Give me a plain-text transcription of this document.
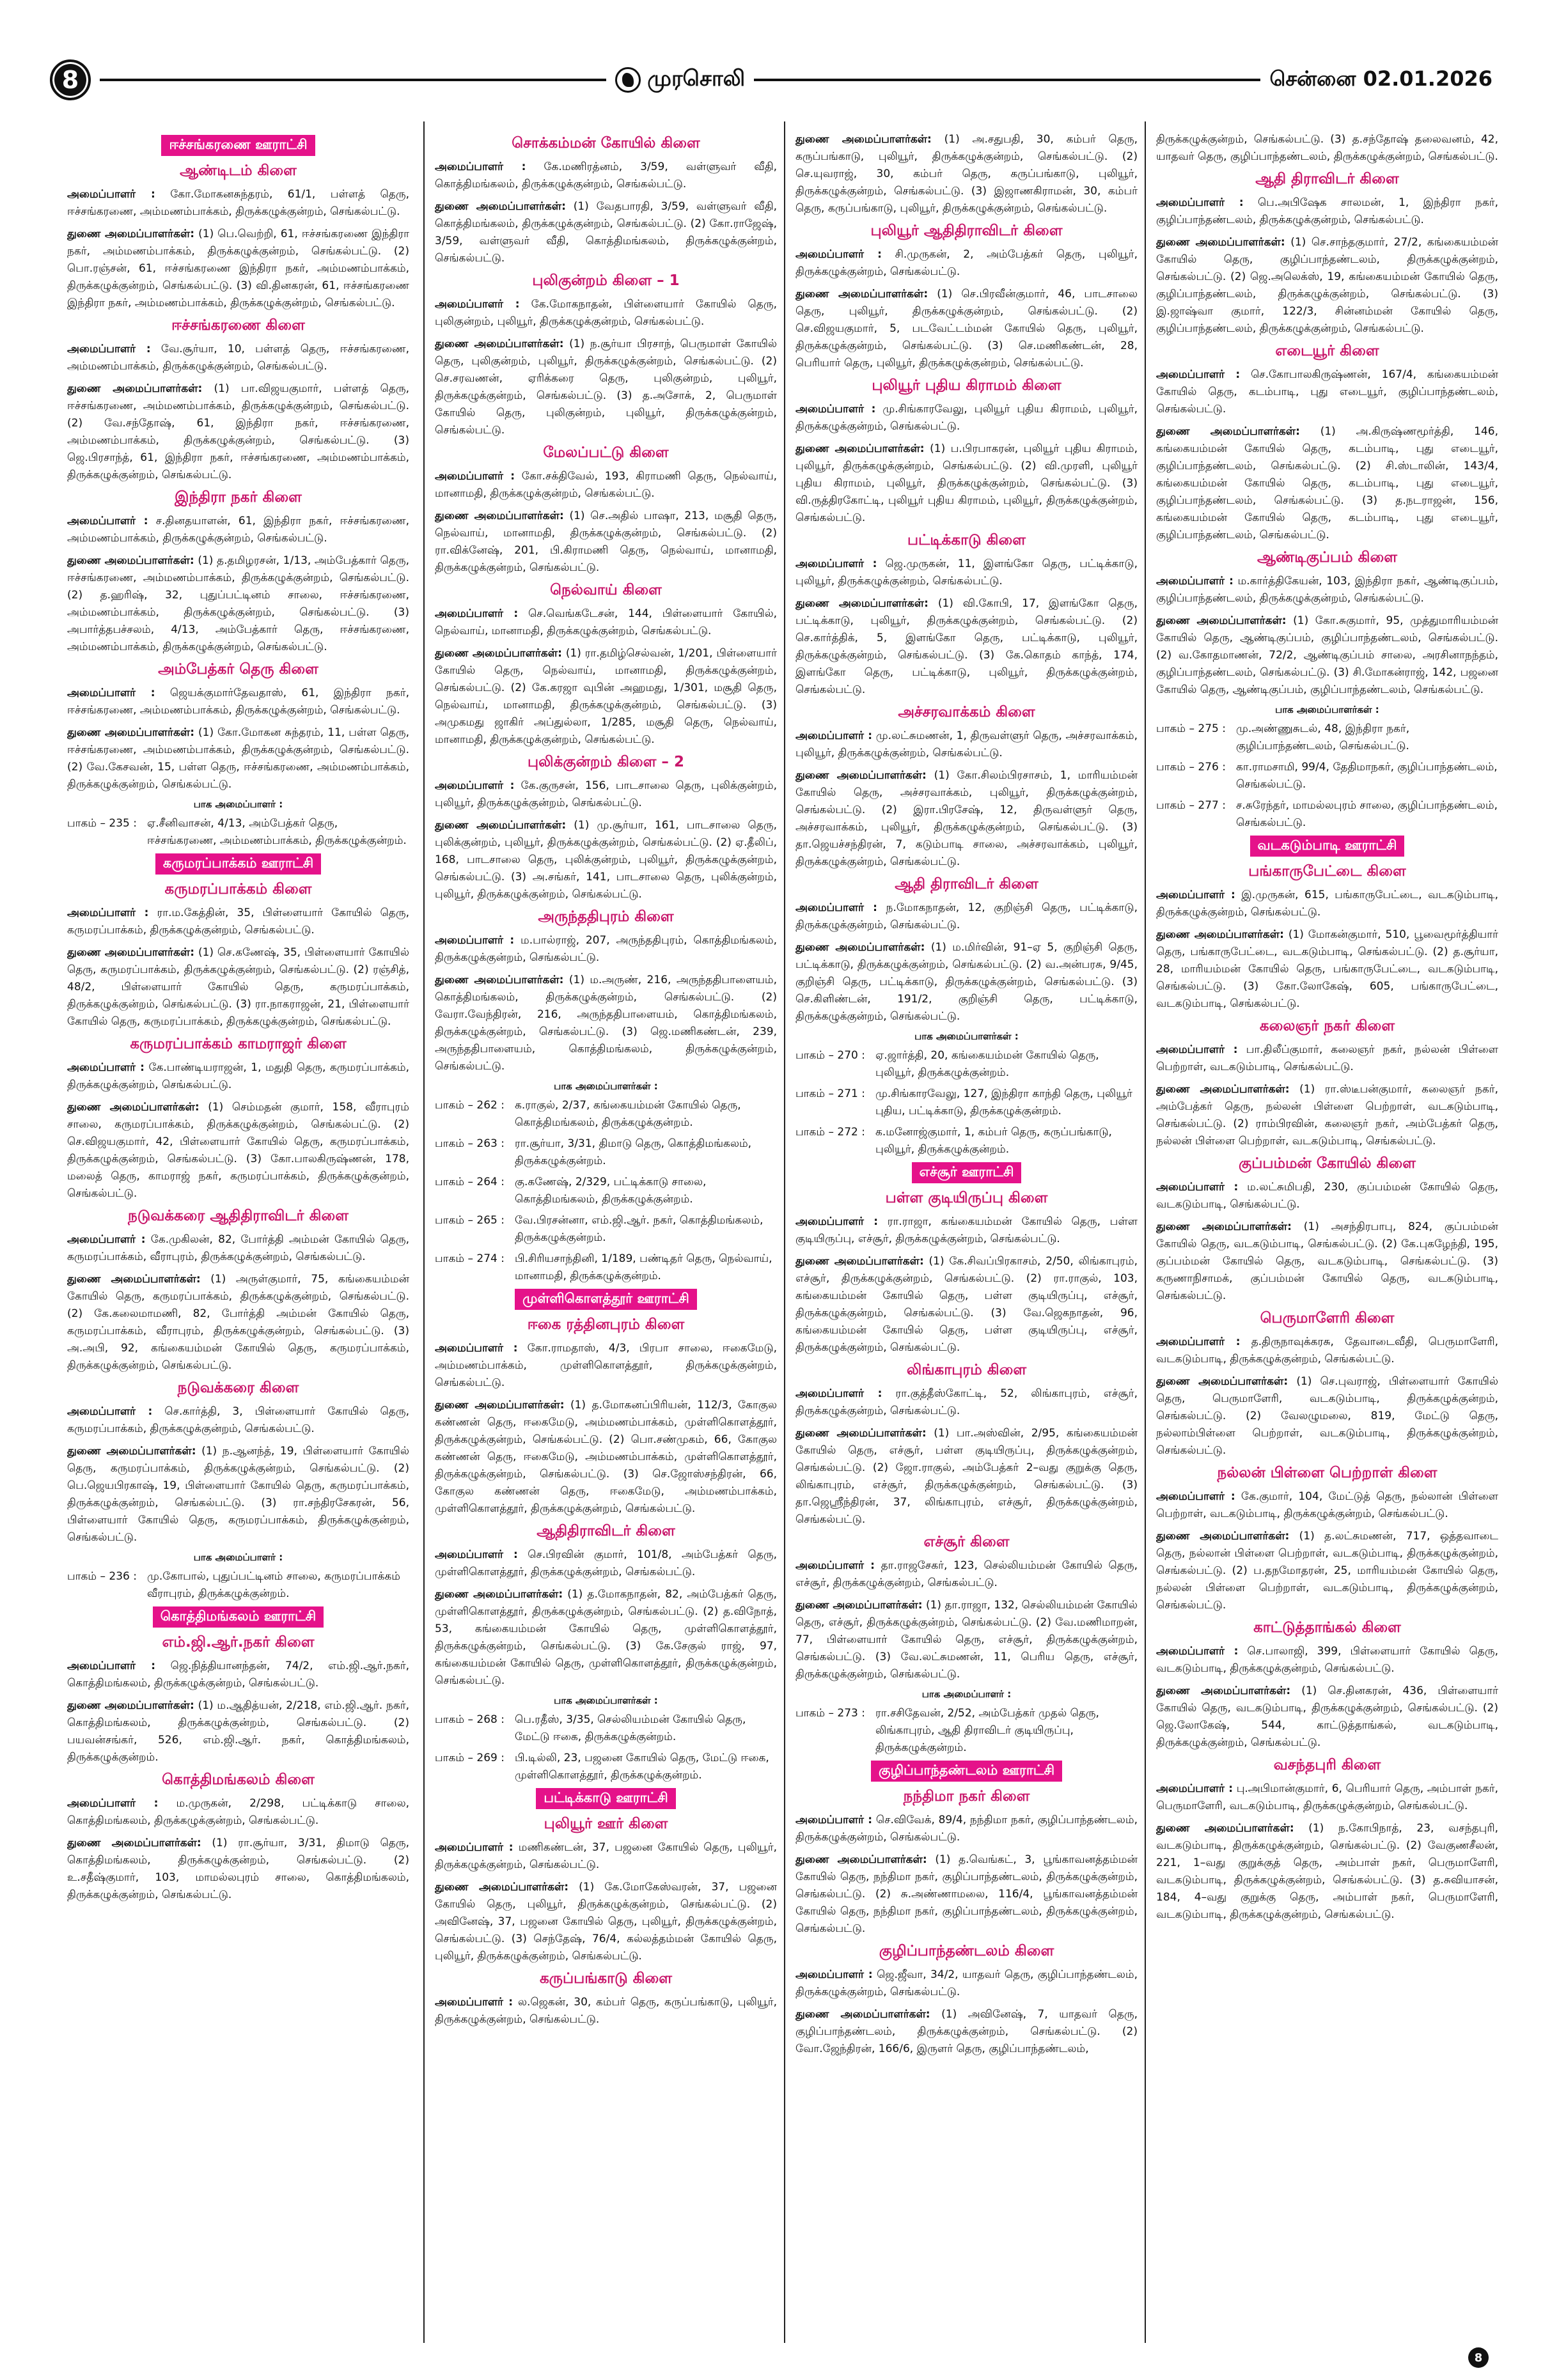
8	முரசொலி	சென்னை 02.01.2026
ஈச்சங்கரணை ஊராட்சி
ஆண்டிடம் கிளை

அமைப்பாளர் : கோ.மோகனசுந்தரம், 61/1, பள்ளத் தெரு, ஈச்சங்கரணை, அம்மணம்பாக்கம், திருக்கழுக்குன்றம், செங்கல்பட்டு.

துணை அமைப்பாளர்கள்: (1) பெ.வெற்றி, 61, ஈச்சங்கரணை இந்திரா நகர், அம்மணம்பாக்கம், திருக்கழுக்குன்றம், செங்கல்பட்டு. (2) பொ.ரஞ்சன், 61, ஈச்சங்கரணை இந்திரா நகர், அம்மணம்பாக்கம், திருக்கழுக்குன்றம், செங்கல்பட்டு. (3) வி.தினகரன், 61, ஈச்சங்கரணை இந்திரா நகர், அம்மணம்பாக்கம், திருக்கழுக்குன்றம், செங்கல்பட்டு.

ஈச்சங்கரணை கிளை

அமைப்பாளர் : வே.சூர்யா, 10, பள்ளத் தெரு, ஈச்சங்கரணை, அம்மணம்பாக்கம், திருக்கழுக்குன்றம், செங்கல்பட்டு.

துணை அமைப்பாளர்கள்: (1) பா.விஜயகுமார், பள்ளத் தெரு, ஈச்சங்கரணை, அம்மணம்பாக்கம், திருக்கழுக்குன்றம், செங்கல்பட்டு. (2) வே.சந்தோஷ், 61, இந்திரா நகர், ஈச்சங்கரணை, அம்மணம்பாக்கம், திருக்கழுக்குன்றம், செங்கல்பட்டு. (3) ஜெ.பிரசாந்த், 61, இந்திரா நகர், ஈச்சங்கரணை, அம்மணம்பாக்கம், திருக்கழுக்குன்றம், செங்கல்பட்டு.

இந்திரா நகர் கிளை

அமைப்பாளர் : ச.தினதயாளன், 61, இந்திரா நகர், ஈச்சங்கரணை, அம்மணம்பாக்கம், திருக்கழுக்குன்றம், செங்கல்பட்டு.

துணை அமைப்பாளர்கள்: (1) த.தமிழரசன், 1/13, அம்பேத்கார் தெரு, ஈச்சங்கரணை, அம்மணம்பாக்கம், திருக்கழுக்குன்றம், செங்கல்பட்டு. (2) த.ஹரிஷ், 32, புதுப்பட்டினம் சாலை, ஈச்சங்கரணை, அம்மணம்பாக்கம், திருக்கழுக்குன்றம், செங்கல்பட்டு. (3) அபார்த்தபச்சலம், 4/13, அம்பேத்கார் தெரு, ஈச்சங்கரணை, அம்மணம்பாக்கம், திருக்கழுக்குன்றம், செங்கல்பட்டு.

அம்பேத்கர் தெரு கிளை

அமைப்பாளர் : ஜெயக்குமார்தேவதாஸ், 61, இந்திரா நகர், ஈச்சங்கரணை, அம்மணம்பாக்கம், திருக்கழுக்குன்றம், செங்கல்பட்டு.

துணை அமைப்பாளர்கள்: (1) கோ.மோகன சுந்தரம், 11, பள்ள தெரு, ஈச்சங்கரணை, அம்மணம்பாக்கம், திருக்கழுக்குன்றம், செங்கல்பட்டு. (2) வே.கேசவன், 15, பள்ள தெரு, ஈச்சங்கரணை, அம்மணம்பாக்கம், திருக்கழுக்குன்றம், செங்கல்பட்டு.

பாக அமைப்பாளர் :
பாகம் – 235 : ஏ.சீனிவாசன், 4/13, அம்பேத்கர் தெரு, ஈச்சங்கரணை, அம்மணம்பாக்கம், திருக்கழுக்குன்றம்.
கருமரப்பாக்கம் ஊராட்சி
கருமரப்பாக்கம் கிளை

அமைப்பாளர் : ரா.ம.கேத்தின், 35, பிள்ளையார் கோயில் தெரு, கருமரப்பாக்கம், திருக்கழுக்குன்றம், செங்கல்பட்டு.

துணை அமைப்பாளர்கள்: (1) செ.கணேஷ், 35, பிள்ளையார் கோயில் தெரு, கருமரப்பாக்கம், திருக்கழுக்குன்றம், செங்கல்பட்டு. (2) ரஞ்சித், 48/2, பிள்ளையார் கோயில் தெரு, கருமரப்பாக்கம், திருக்கழுக்குன்றம், செங்கல்பட்டு. (3) ரா.நாகராஜன், 21, பிள்ளையார் கோயில் தெரு, கருமரப்பாக்கம், திருக்கழுக்குன்றம், செங்கல்பட்டு.

கருமரப்பாக்கம் காமராஜர் கிளை

அமைப்பாளர் : கே.பாண்டியராஜன், 1, மதுதி தெரு, கருமரப்பாக்கம், திருக்கழுக்குன்றம், செங்கல்பட்டு.

துணை அமைப்பாளர்கள்: (1) செம்மதன் குமார், 158, வீராபுரம் சாலை, கருமரப்பாக்கம், திருக்கழுக்குன்றம், செங்கல்பட்டு. (2) செ.விஜயகுமார், 42, பிள்ளையார் கோயில் தெரு, கருமரப்பாக்கம், திருக்கழுக்குன்றம், செங்கல்பட்டு. (3) கோ.பாலகிருஷ்ணன், 178, மலைத் தெரு, காமராஜ் நகர், கருமரப்பாக்கம், திருக்கழுக்குன்றம், செங்கல்பட்டு.

நடுவக்கரை ஆதிதிராவிடர் கிளை

அமைப்பாளர் : கே.முகிலன், 82, போர்த்தி அம்மன் கோயில் தெரு, கருமரப்பாக்கம், வீராபுரம், திருக்கழுக்குன்றம், செங்கல்பட்டு.

துணை அமைப்பாளர்கள்: (1) அருள்குமார், 75, கங்கையம்மன் கோயில் தெரு, கருமரப்பாக்கம், திருக்கழுக்குன்றம், செங்கல்பட்டு. (2) கே.கலைமாமணி, 82, போர்த்தி அம்மன் கோயில் தெரு, கருமரப்பாக்கம், வீராபுரம், திருக்கழுக்குன்றம், செங்கல்பட்டு. (3) அ.அபி, 92, கங்கையம்மன் கோயில் தெரு, கருமரப்பாக்கம், திருக்கழுக்குன்றம், செங்கல்பட்டு.

நடுவக்கரை கிளை

அமைப்பாளர் : செ.கார்த்தி, 3, பிள்ளையார் கோயில் தெரு, கருமரப்பாக்கம், திருக்கழுக்குன்றம், செங்கல்பட்டு.

துணை அமைப்பாளர்கள்: (1) ந.ஆனந்த், 19, பிள்ளையார் கோயில் தெரு, கருமரப்பாக்கம், திருக்கழுக்குன்றம், செங்கல்பட்டு. (2) பெ.ஜெயபிரகாஷ், 19, பிள்ளையார் கோயில் தெரு, கருமரப்பாக்கம், திருக்கழுக்குன்றம், செங்கல்பட்டு. (3) ரா.சந்திரசேகரன், 56, பிள்ளையார் கோயில் தெரு, கருமரப்பாக்கம், திருக்கழுக்குன்றம், செங்கல்பட்டு.

பாக அமைப்பாளர் :
பாகம் – 236 : மு.கோபால், புதுப்பட்டினம் சாலை, கருமரப்பாக்கம் வீராபுரம், திருக்கழுக்குன்றம்.
கொத்திமங்கலம் ஊராட்சி
எம்.ஜி.ஆர்.நகர் கிளை

அமைப்பாளர் : ஜெ.நித்தியானந்தன், 74/2, எம்.ஜி.ஆர்.நகர், கொத்திமங்கலம், திருக்கழுக்குன்றம், செங்கல்பட்டு.

துணை அமைப்பாளர்கள்: (1) ம.ஆதித்யன், 2/218, எம்.ஜி.ஆர். நகர், கொத்திமங்கலம், திருக்கழுக்குன்றம், செங்கல்பட்டு. (2) பயவன்சங்கர், 526, எம்.ஜி.ஆர். நகர், கொத்திமங்கலம், திருக்கழுக்குன்றம்.

கொத்திமங்கலம் கிளை

அமைப்பாளர் : ம.முருகன், 2/298, பட்டிக்காடு சாலை, கொத்திமங்கலம், திருக்கழுக்குன்றம், செங்கல்பட்டு.

துணை அமைப்பாளர்கள்: (1) ரா.சூர்யா, 3/31, திமாடு தெரு, கொத்திமங்கலம், திருக்கழுக்குன்றம், செங்கல்பட்டு. (2) உ.சதீஷ்குமார், 103, மாமல்லபுரம் சாலை, கொத்திமங்கலம், திருக்கழுக்குன்றம், செங்கல்பட்டு.

சொக்கம்மன் கோயில் கிளை

அமைப்பாளர் : கே.மணிரத்னம், 3/59, வள்ளுவர் வீதி, கொத்திமங்கலம், திருக்கழுக்குன்றம், செங்கல்பட்டு.

துணை அமைப்பாளர்கள்: (1) வேதபாரதி, 3/59, வள்ளுவர் வீதி, கொத்திமங்கலம், திருக்கழுக்குன்றம், செங்கல்பட்டு. (2) கோ.ராஜேஷ், 3/59, வள்ளுவர் வீதி, கொத்திமங்கலம், திருக்கழுக்குன்றம், செங்கல்பட்டு.

புலிகுன்றம் கிளை – 1

அமைப்பாளர் : கே.மோகநாதன், பிள்ளையார் கோயில் தெரு, புலிகுன்றம், புலியூர், திருக்கழுக்குன்றம், செங்கல்பட்டு.

துணை அமைப்பாளர்கள்: (1) ந.சூர்யா பிரசாந், பெருமாள் கோயில் தெரு, புலிகுன்றம், புலியூர், திருக்கழுக்குன்றம், செங்கல்பட்டு. (2) செ.சரவணன், ஏரிக்கரை தெரு, புலிகுன்றம், புலியூர், திருக்கழுக்குன்றம், செங்கல்பட்டு. (3) த.அசோக், 2, பெருமாள் கோயில் தெரு, புலிகுன்றம், புலியூர், திருக்கழுக்குன்றம், செங்கல்பட்டு.

மேலப்பட்டு கிளை

அமைப்பாளர் : கோ.சக்திவேல், 193, கிராமணி தெரு, நெல்வாய், மானாமதி, திருக்கழுக்குன்றம், செங்கல்பட்டு.

துணை அமைப்பாளர்கள்: (1) செ.அதில் பாஷா, 213, மசூதி தெரு, நெல்வாய், மானாமதி, திருக்கழுக்குன்றம், செங்கல்பட்டு. (2) ரா.விக்னேஷ், 201, பி.கிராமணி தெரு, நெல்வாய், மானாமதி, திருக்கழுக்குன்றம், செங்கல்பட்டு.

நெல்வாய் கிளை

அமைப்பாளர் : செ.வெங்கடேசன், 144, பிள்ளையார் கோயில், நெல்வாய், மானாமதி, திருக்கழுக்குன்றம், செங்கல்பட்டு.

துணை அமைப்பாளர்கள்: (1) ரா.தமிழ்செல்வன், 1/201, பிள்ளையார் கோயில் தெரு, நெல்வாய், மானாமதி, திருக்கழுக்குன்றம், செங்கல்பட்டு. (2) கே.கரஜா வுபின் அஹமது, 1/301, மசூதி தெரு, நெல்வாய், மானாமதி, திருக்கழுக்குன்றம், செங்கல்பட்டு. (3) அமுகமது ஜாகிர் அப்துல்லா, 1/285, மசூதி தெரு, நெல்வாய், மானாமதி, திருக்கழுக்குன்றம், செங்கல்பட்டு.

புலிக்குன்றம் கிளை – 2

அமைப்பாளர் : கே.குருசன், 156, பாடசாலை தெரு, புலிக்குன்றம், புலியூர், திருக்கழுக்குன்றம், செங்கல்பட்டு.

துணை அமைப்பாளர்கள்: (1) மு.சூர்யா, 161, பாடசாலை தெரு, புலிக்குன்றம், புலியூர், திருக்கழுக்குன்றம், செங்கல்பட்டு. (2) ஏ.தீலிப், 168, பாடசாலை தெரு, புலிக்குன்றம், புலியூர், திருக்கழுக்குன்றம், செங்கல்பட்டு. (3) அ.சங்கர், 141, பாடசாலை தெரு, புலிக்குன்றம், புலியூர், திருக்கழுக்குன்றம், செங்கல்பட்டு.

அருந்ததிபுரம் கிளை

அமைப்பாளர் : ம.பால்ராஜ், 207, அருந்ததிபுரம், கொத்திமங்கலம், திருக்கழுக்குன்றம், செங்கல்பட்டு.

துணை அமைப்பாளர்கள்: (1) ம.அருண், 216, அருந்ததிபாளையம், கொத்திமங்கலம், திருக்கழுக்குன்றம், செங்கல்பட்டு. (2) வேரா.வேந்திரன், 216, அருந்ததிபாளையம், கொத்திமங்கலம், திருக்கழுக்குன்றம், செங்கல்பட்டு. (3) ஜெ.மணிகண்டன், 239, அருந்ததிபாளையம், கொத்திமங்கலம், திருக்கழுக்குன்றம், செங்கல்பட்டு.

பாக அமைப்பாளர்கள் :
பாகம் – 262 : க.ராகுல், 2/37, கங்கையம்மன் கோயில் தெரு, கொத்திமங்கலம், திருக்கழுக்குன்றம்.
பாகம் – 263 : ரா.சூர்யா, 3/31, திமாடு தெரு, கொத்திமங்கலம், திருக்கழுக்குன்றம்.
பாகம் – 264 : கு.கணேஷ், 2/329, பட்டிக்காடு சாலை, கொத்திமங்கலம், திருக்கழுக்குன்றம்.
பாகம் – 265 : வே.பிரசன்னா, எம்.ஜி.ஆர். நகர், கொத்திமங்கலம், திருக்கழுக்குன்றம்.
பாகம் – 274 : பி.சிரியசாந்தினி, 1/189, பண்டிதர் தெரு, நெல்வாய், மானாமதி, திருக்கழுக்குன்றம்.
முள்ளிகொளத்தூர் ஊராட்சி
ஈகை ரத்தினபுரம் கிளை

அமைப்பாளர் : கோ.ராமதாஸ், 4/3, பிரபா சாலை, ஈகைமேடு, அம்மணம்பாக்கம், முள்ளிகொளத்தூர், திருக்கழுக்குன்றம், செங்கல்பட்டு.

துணை அமைப்பாளர்கள்: (1) த.மோகனப்பிரியன், 112/3, கோகுல கண்ணன் தெரு, ஈகைமேடு, அம்மணம்பாக்கம், முள்ளிகொளத்தூர், திருக்கழுக்குன்றம், செங்கல்பட்டு. (2) பொ.சண்முகம், 66, கோகுல கண்ணன் தெரு, ஈகைமேடு, அம்மணம்பாக்கம், முள்ளிகொளத்தூர், திருக்கழுக்குன்றம், செங்கல்பட்டு. (3) செ.ஜோஸ்சந்திரன், 66, கோகுல கண்ணன் தெரு, ஈகைமேடு, அம்மணம்பாக்கம், முள்ளிகொளத்தூர், திருக்கழுக்குன்றம், செங்கல்பட்டு.

ஆதிதிராவிடர் கிளை

அமைப்பாளர் : செ.பிரவின் குமார், 101/8, அம்பேத்கர் தெரு, முள்ளிகொளத்தூர், திருக்கழுக்குன்றம், செங்கல்பட்டு.

துணை அமைப்பாளர்கள்: (1) த.மோகநாதன், 82, அம்பேத்கர் தெரு, முள்ளிகொளத்தூர், திருக்கழுக்குன்றம், செங்கல்பட்டு. (2) த.விநோத், 53, கங்கையம்மன் கோயில் தெரு, முள்ளிகொளத்தூர், திருக்கழுக்குன்றம், செங்கல்பட்டு. (3) கே.சேகுல் ராஜ், 97, கங்கையம்மன் கோயில் தெரு, முள்ளிகொளத்தூர், திருக்கழுக்குன்றம், செங்கல்பட்டு.

பாக அமைப்பாளர்கள் :
பாகம் – 268 : பெ.ரதீஸ், 3/35, செல்லியம்மன் கோயில் தெரு, மேட்டு ஈகை, திருக்கழுக்குன்றம்.
பாகம் – 269 : பி.டில்லி, 23, பஜனை கோயில் தெரு, மேட்டு ஈகை, முள்ளிகொளத்தூர், திருக்கழுக்குன்றம்.
பட்டிக்காடு ஊராட்சி
புலியூர் ஊர் கிளை

அமைப்பாளர் : மணிகண்டன், 37, பஜனை கோயில் தெரு, புலியூர், திருக்கழுக்குன்றம், செங்கல்பட்டு.

துணை அமைப்பாளர்கள்: (1) கே.மோகேஸ்வரன், 37, பஜனை கோயில் தெரு, புலியூர், திருக்கழுக்குன்றம், செங்கல்பட்டு. (2) அவினேஷ், 37, பஜனை கோயில் தெரு, புலியூர், திருக்கழுக்குன்றம், செங்கல்பட்டு. (3) செந்தேஷ், 76/4, கல்லத்தம்மன் கோயில் தெரு, புலியூர், திருக்கழுக்குன்றம், செங்கல்பட்டு.

கருப்பங்காடு கிளை

அமைப்பாளர் : ல.ஜெகன், 30, கம்பர் தெரு, கருப்பங்காடு, புலியூர், திருக்கழுக்குன்றம், செங்கல்பட்டு.

துணை அமைப்பாளர்கள்: (1) அ.சதுபதி, 30, கம்பர் தெரு, கருப்பங்காடு, புலியூர், திருக்கழுக்குன்றம், செங்கல்பட்டு. (2) செ.யுவராஜ், 30, கம்பர் தெரு, கருப்பங்காடு, புலியூர், திருக்கழுக்குன்றம், செங்கல்பட்டு. (3) இஜாணகிராமன், 30, கம்பர் தெரு, கருப்பங்காடு, புலியூர், திருக்கழுக்குன்றம், செங்கல்பட்டு.

புலியூர் ஆதிதிராவிடர் கிளை

அமைப்பாளர் : சி.முருகன், 2, அம்பேத்கர் தெரு, புலியூர், திருக்கழுக்குன்றம், செங்கல்பட்டு.

துணை அமைப்பாளர்கள்: (1) செ.பிரவீன்குமார், 46, பாடசாலை தெரு, புலியூர், திருக்கழுக்குன்றம், செங்கல்பட்டு. (2) செ.விஜயகுமார், 5, படவேட்டம்மன் கோயில் தெரு, புலியூர், திருக்கழுக்குன்றம், செங்கல்பட்டு. (3) செ.மணிகண்டன், 28, பெரியார் தெரு, புலியூர், திருக்கழுக்குன்றம், செங்கல்பட்டு.

புலியூர் புதிய கிராமம் கிளை

அமைப்பாளர் : மு.சிங்காரவேலு, புலியூர் புதிய கிராமம், புலியூர், திருக்கழுக்குன்றம், செங்கல்பட்டு.

துணை அமைப்பாளர்கள்: (1) ப.பிரபாகரன், புலியூர் புதிய கிராமம், புலியூர், திருக்கழுக்குன்றம், செங்கல்பட்டு. (2) வி.முரளி, புலியூர் புதிய கிராமம், புலியூர், திருக்கழுக்குன்றம், செங்கல்பட்டு. (3) வி.ருத்திரகோட்டி, புலியூர் புதிய கிராமம், புலியூர், திருக்கழுக்குன்றம், செங்கல்பட்டு.

பட்டிக்காடு கிளை

அமைப்பாளர் : ஜெ.முருகன், 11, இளங்கோ தெரு, பட்டிக்காடு, புலியூர், திருக்கழுக்குன்றம், செங்கல்பட்டு.

துணை அமைப்பாளர்கள்: (1) வி.கோபி, 17, இளங்கோ தெரு, பட்டிக்காடு, புலியூர், திருக்கழுக்குன்றம், செங்கல்பட்டு. (2) செ.கார்த்திக், 5, இளங்கோ தெரு, பட்டிக்காடு, புலியூர், திருக்கழுக்குன்றம், செங்கல்பட்டு. (3) கே.கொதம் காந்த், 174, இளங்கோ தெரு, பட்டிக்காடு, புலியூர், திருக்கழுக்குன்றம், செங்கல்பட்டு.

அச்சரவாக்கம் கிளை

அமைப்பாளர் : மு.லட்சுமணன், 1, திருவள்ளுர் தெரு, அச்சரவாக்கம், புலியூர், திருக்கழுக்குன்றம், செங்கல்பட்டு.

துணை அமைப்பாளர்கள்: (1) கோ.சிலம்பிரசாசம், 1, மாரியம்மன் கோயில் தெரு, அச்சரவாக்கம், புலியூர், திருக்கழுக்குன்றம், செங்கல்பட்டு. (2) இரா.பிரசேஷ், 12, திருவள்ளுர் தெரு, அச்சரவாக்கம், புலியூர், திருக்கழுக்குன்றம், செங்கல்பட்டு. (3) தா.ஜெயச்சந்திரன், 7, கடும்பாடி சாலை, அச்சரவாக்கம், புலியூர், திருக்கழுக்குன்றம், செங்கல்பட்டு.

ஆதி திராவிடர் கிளை

அமைப்பாளர் : ந.மோகநாதன், 12, குறிஞ்சி தெரு, பட்டிக்காடு, திருக்கழுக்குன்றம், செங்கல்பட்டு.

துணை அமைப்பாளர்கள்: (1) ம.மிர்வின், 91–ஏ 5, குறிஞ்சி தெரு, பட்டிக்காடு, திருக்கழுக்குன்றம், செங்கல்பட்டு. (2) வ.அன்பரசு, 9/45, குறிஞ்சி தெரு, பட்டிக்காடு, திருக்கழுக்குன்றம், செங்கல்பட்டு. (3) செ.கிளிண்டன், 191/2, குறிஞ்சி தெரு, பட்டிக்காடு, திருக்கழுக்குன்றம், செங்கல்பட்டு.

பாக அமைப்பாளர்கள் :
பாகம் – 270 : ஏ.ஜார்த்தி, 20, கங்கையம்மன் கோயில் தெரு, புலியூர், திருக்கழுக்குன்றம்.
பாகம் – 271 : மு.சிங்காரவேலு, 127, இந்திரா காந்தி தெரு, புலியூர் புதிய, பட்டிக்காடு, திருக்கழுக்குன்றம்.
பாகம் – 272 : க.மனோஜ்குமார், 1, கம்பர் தெரு, கருப்பங்காடு, புலியூர், திருக்கழுக்குன்றம்.
எச்சூர் ஊராட்சி
பள்ள குடியிருப்பு கிளை

அமைப்பாளர் : ரா.ராஜா, கங்கையம்மன் கோயில் தெரு, பள்ள குடியிருப்பு, எச்சூர், திருக்கழுக்குன்றம், செங்கல்பட்டு.

துணை அமைப்பாளர்கள்: (1) கே.சிவப்பிரகாசம், 2/50, லிங்காபுரம், எச்சூர், திருக்கழுக்குன்றம், செங்கல்பட்டு. (2) ரா.ராகுல், 103, கங்கையம்மன் கோயில் தெரு, பள்ள குடியிருப்பு, எச்சூர், திருக்கழுக்குன்றம், செங்கல்பட்டு. (3) வே.ஜெகநாதன், 96, கங்கையம்மன் கோயில் தெரு, பள்ள குடியிருப்பு, எச்சூர், திருக்கழுக்குன்றம், செங்கல்பட்டு.

லிங்காபுரம் கிளை

அமைப்பாளர் : ரா.குத்தீஸ்கோட்டி, 52, லிங்காபுரம், எச்சூர், திருக்கழுக்குன்றம், செங்கல்பட்டு.

துணை அமைப்பாளர்கள்: (1) பா.அஸ்வின், 2/95, கங்கையம்மன் கோயில் தெரு, எச்சூர், பள்ள குடியிருப்பு, திருக்கழுக்குன்றம், செங்கல்பட்டு. (2) ஜோ.ராகுல், அம்பேத்கர் 2–வது குறுக்கு தெரு, லிங்காபுரம், எச்சூர், திருக்கழுக்குன்றம், செங்கல்பட்டு. (3) தா.ஜெஸ்ரீந்திரன், 37, லிங்காபுரம், எச்சூர், திருக்கழுக்குன்றம், செங்கல்பட்டு.

எச்சூர் கிளை

அமைப்பாளர் : தா.ராஜசேகர், 123, செல்லியம்மன் கோயில் தெரு, எச்சூர், திருக்கழுக்குன்றம், செங்கல்பட்டு.

துணை அமைப்பாளர்கள்: (1) தா.ராஜா, 132, செல்லியம்மன் கோயில் தெரு, எச்சூர், திருக்கழுக்குன்றம், செங்கல்பட்டு. (2) வே.மணிமாறன், 77, பிள்ளையார் கோயில் தெரு, எச்சூர், திருக்கழுக்குன்றம், செங்கல்பட்டு. (3) வே.லட்சுமணன், 11, பெரிய தெரு, எச்சூர், திருக்கழுக்குன்றம், செங்கல்பட்டு.

பாக அமைப்பாளர் :
பாகம் – 273 : ரா.சசிதேவன், 2/52, அம்பேத்கர் முதல் தெரு, லிங்காபுரம், ஆதி திராவிடர் குடியிருப்பு, திருக்கழுக்குன்றம்.
குழிப்பாந்தண்டலம் ஊராட்சி
நந்திமா நகர் கிளை

அமைப்பாளர் : செ.விவேக், 89/4, நந்திமா நகர், குழிப்பாந்தண்டலம், திருக்கழுக்குன்றம், செங்கல்பட்டு.

துணை அமைப்பாளர்கள்: (1) த.வெங்கட், 3, பூங்காவனத்தம்மன் கோயில் தெரு, நந்திமா நகர், குழிப்பாந்தண்டலம், திருக்கழுக்குன்றம், செங்கல்பட்டு. (2) சு.அண்ணாமலை, 116/4, பூங்காவனத்தம்மன் கோயில் தெரு, நந்திமா நகர், குழிப்பாந்தண்டலம், திருக்கழுக்குன்றம், செங்கல்பட்டு.

குழிப்பாந்தண்டலம் கிளை

அமைப்பாளர் : ஜெ.ஜீவா, 34/2, யாதவர் தெரு, குழிப்பாந்தண்டலம், திருக்கழுக்குன்றம், செங்கல்பட்டு.

துணை அமைப்பாளர்கள்: (1) அவினேஷ், 7, யாதவர் தெரு, குழிப்பாந்தண்டலம், திருக்கழுக்குன்றம், செங்கல்பட்டு. (2) வோ.ஜேந்திரன், 166/6, இருளர் தெரு, குழிப்பாந்தண்டலம்,

திருக்கழுக்குன்றம், செங்கல்பட்டு. (3) த.சந்தோஷ் தலைவனம், 42, யாதவர் தெரு, குழிப்பாந்தண்டலம், திருக்கழுக்குன்றம், செங்கல்பட்டு.

ஆதி திராவிடர் கிளை

அமைப்பாளர் : பெ.அபிஷேக சாலமன், 1, இந்திரா நகர், குழிப்பாந்தண்டலம், திருக்கழுக்குன்றம், செங்கல்பட்டு.

துணை அமைப்பாளர்கள்: (1) செ.சாந்தகுமார், 27/2, கங்கையம்மன் கோயில் தெரு, குழிப்பாந்தண்டலம், திருக்கழுக்குன்றம், செங்கல்பட்டு. (2) ஜெ.அலெக்ஸ், 19, கங்கையம்மன் கோயில் தெரு, குழிப்பாந்தண்டலம், திருக்கழுக்குன்றம், செங்கல்பட்டு. (3) இ.ஜாஷ்வா குமார், 122/3, சின்னம்மன் கோயில் தெரு, குழிப்பாந்தண்டலம், திருக்கழுக்குன்றம், செங்கல்பட்டு.

எடையூர் கிளை

அமைப்பாளர் : செ.கோபாலகிருஷ்ணன், 167/4, கங்கையம்மன் கோயில் தெரு, கடம்பாடி, புது எடையூர், குழிப்பாந்தண்டலம், செங்கல்பட்டு.

துணை அமைப்பாளர்கள்: (1) அ.கிருஷ்ணமூர்த்தி, 146, கங்கையம்மன் கோயில் தெரு, கடம்பாடி, புது எடையூர், குழிப்பாந்தண்டலம், செங்கல்பட்டு. (2) சி.ஸ்டாலின், 143/4, கங்கையம்மன் கோயில் தெரு, கடம்பாடி, புது எடையூர், குழிப்பாந்தண்டலம், செங்கல்பட்டு. (3) த.நடராஜன், 156, கங்கையம்மன் கோயில் தெரு, கடம்பாடி, புது எடையூர், குழிப்பாந்தண்டலம், செங்கல்பட்டு.

ஆண்டிகுப்பம் கிளை

அமைப்பாளர் : ம.கார்த்திகேயன், 103, இந்திரா நகர், ஆண்டிகுப்பம், குழிப்பாந்தண்டலம், திருக்கழுக்குன்றம், செங்கல்பட்டு.

துணை அமைப்பாளர்கள்: (1) கோ.சுகுமார், 95, முத்துமாரியம்மன் கோயில் தெரு, ஆண்டிகுப்பம், குழிப்பாந்தண்டலம், செங்கல்பட்டு. (2) வ.கோதமாணன், 72/2, ஆண்டிகுப்பம் சாலை, அரசினாநந்தம், குழிப்பாந்தண்டலம், செங்கல்பட்டு. (3) சி.மோகன்ராஜ், 142, பஜனை கோயில் தெரு, ஆண்டிகுப்பம், குழிப்பாந்தண்டலம், செங்கல்பட்டு.

பாக அமைப்பாளர்கள் :
பாகம் – 275 : மு.அண்ணுசுடல், 48, இந்திரா நகர், குழிப்பாந்தண்டலம், செங்கல்பட்டு.
பாகம் – 276 : கா.ராமசாமி, 99/4, தேதிமாநகர், குழிப்பாந்தண்டலம், செங்கல்பட்டு.
பாகம் – 277 : ச.சுரேந்தர், மாமல்லபுரம் சாலை, குழிப்பாந்தண்டலம், செங்கல்பட்டு.
வடகடும்பாடி ஊராட்சி
பங்காருபேட்டை கிளை

அமைப்பாளர் : இ.முருகன், 615, பங்காருபேட்டை, வடகடும்பாடி, திருக்கழுக்குன்றம், செங்கல்பட்டு.

துணை அமைப்பாளர்கள்: (1) மோகன்குமார், 510, பூவைமூர்த்தியார் தெரு, பங்காருபேட்டை, வடகடும்பாடி, செங்கல்பட்டு. (2) த.சூர்யா, 28, மாரியம்மன் கோயில் தெரு, பங்காருபேட்டை, வடகடும்பாடி, செங்கல்பட்டு. (3) கோ.லோகேஷ், 605, பங்காருபேட்டை, வடகடும்பாடி, செங்கல்பட்டு.

கலைஞர் நகர் கிளை

அமைப்பாளர் : பா.திலீப்குமார், கலைஞர் நகர், நல்லன் பிள்ளை பெற்றாள், வடகடும்பாடி, செங்கல்பட்டு.

துணை அமைப்பாளர்கள்: (1) ரா.ஸ்டீபன்குமார், கலைஞர் நகர், அம்பேத்கர் தெரு, நல்லன் பிள்ளை பெற்றாள், வடகடும்பாடி, செங்கல்பட்டு. (2) ராம்பிரவின், கலைஞர் நகர், அம்பேத்கர் தெரு, நல்லன் பிள்ளை பெற்றாள், வடகடும்பாடி, செங்கல்பட்டு.

குப்பம்மன் கோயில் கிளை

அமைப்பாளர் : ம.லட்சுமிபதி, 230, குப்பம்மன் கோயில் தெரு, வடகடும்பாடி, செங்கல்பட்டு.

துணை அமைப்பாளர்கள்: (1) அசந்திரபாபு, 824, குப்பம்மன் கோயில் தெரு, வடகடும்பாடி, செங்கல்பட்டு. (2) கே.புகழேந்தி, 195, குப்பம்மன் கோயில் தெரு, வடகடும்பாடி, செங்கல்பட்டு. (3) கருணாநிசாமக், குப்பம்மன் கோயில் தெரு, வடகடும்பாடி, செங்கல்பட்டு.

பெருமாளேரி கிளை

அமைப்பாளர் : த.திருநாவுக்கரசு, தேவாடைவீதி, பெருமாளேரி, வடகடும்பாடி, திருக்கழுக்குன்றம், செங்கல்பட்டு.

துணை அமைப்பாளர்கள்: (1) செ.புவராஜ், பிள்ளையார் கோயில் தெரு, பெருமாளேரி, வடகடும்பாடி, திருக்கழுக்குன்றம், செங்கல்பட்டு. (2) வேலழுமலை, 819, மேட்டு தெரு, நல்லாம்பிள்ளை பெற்றாள், வடகடும்பாடி, திருக்கழுக்குன்றம், செங்கல்பட்டு.

நல்லன் பிள்ளை பெற்றாள் கிளை

அமைப்பாளர் : கே.குமார், 104, மேட்டுத் தெரு, நல்லான் பிள்ளை பெற்றாள், வடகடும்பாடி, திருக்கழுக்குன்றம், செங்கல்பட்டு.

துணை அமைப்பாளர்கள்: (1) த.லட்சுமணன், 717, ஒத்தவாடை தெரு, நல்லான் பிள்ளை பெற்றாள், வடகடும்பாடி, திருக்கழுக்குன்றம், செங்கல்பட்டு. (2) ப.தநமோதரன், 25, மாரியம்மன் கோயில் தெரு, நல்லன் பிள்ளை பெற்றாள், வடகடும்பாடி, திருக்கழுக்குன்றம், செங்கல்பட்டு.

காட்டுத்தாங்கல் கிளை

அமைப்பாளர் : செ.பாலாஜி, 399, பிள்ளையார் கோயில் தெரு, வடகடும்பாடி, திருக்கழுக்குன்றம், செங்கல்பட்டு.

துணை அமைப்பாளர்கள்: (1) செ.தினகரன், 436, பிள்ளையார் கோயில் தெரு, வடகடும்பாடி, திருக்கழுக்குன்றம், செங்கல்பட்டு. (2) ஜெ.லோகேஷ், 544, காட்டுத்தாங்கல், வடகடும்பாடி, திருக்கழுக்குன்றம், செங்கல்பட்டு.

வசந்தபுரி கிளை

அமைப்பாளர் : பு.அபிமான்குமார், 6, பெரியார் தெரு, அம்பாள் நகர், பெருமாளேரி, வடகடும்பாடி, திருக்கழுக்குன்றம், செங்கல்பட்டு.

துணை அமைப்பாளர்கள்: (1) ந.கோபிநாத், 23, வசந்தபுரி, வடகடும்பாடி, திருக்கழுக்குன்றம், செங்கல்பட்டு. (2) வேகுணசீலன், 221, 1–வது குறுக்குத் தெரு, அம்பாள் நகர், பெருமாளேரி, வடகடும்பாடி, திருக்கழுக்குன்றம், செங்கல்பட்டு. (3) த.சுவியாசன், 184, 4–வது குறுக்கு தெரு, அம்பாள் நகர், பெருமாளேரி, வடகடும்பாடி, திருக்கழுக்குன்றம், செங்கல்பட்டு.

8
